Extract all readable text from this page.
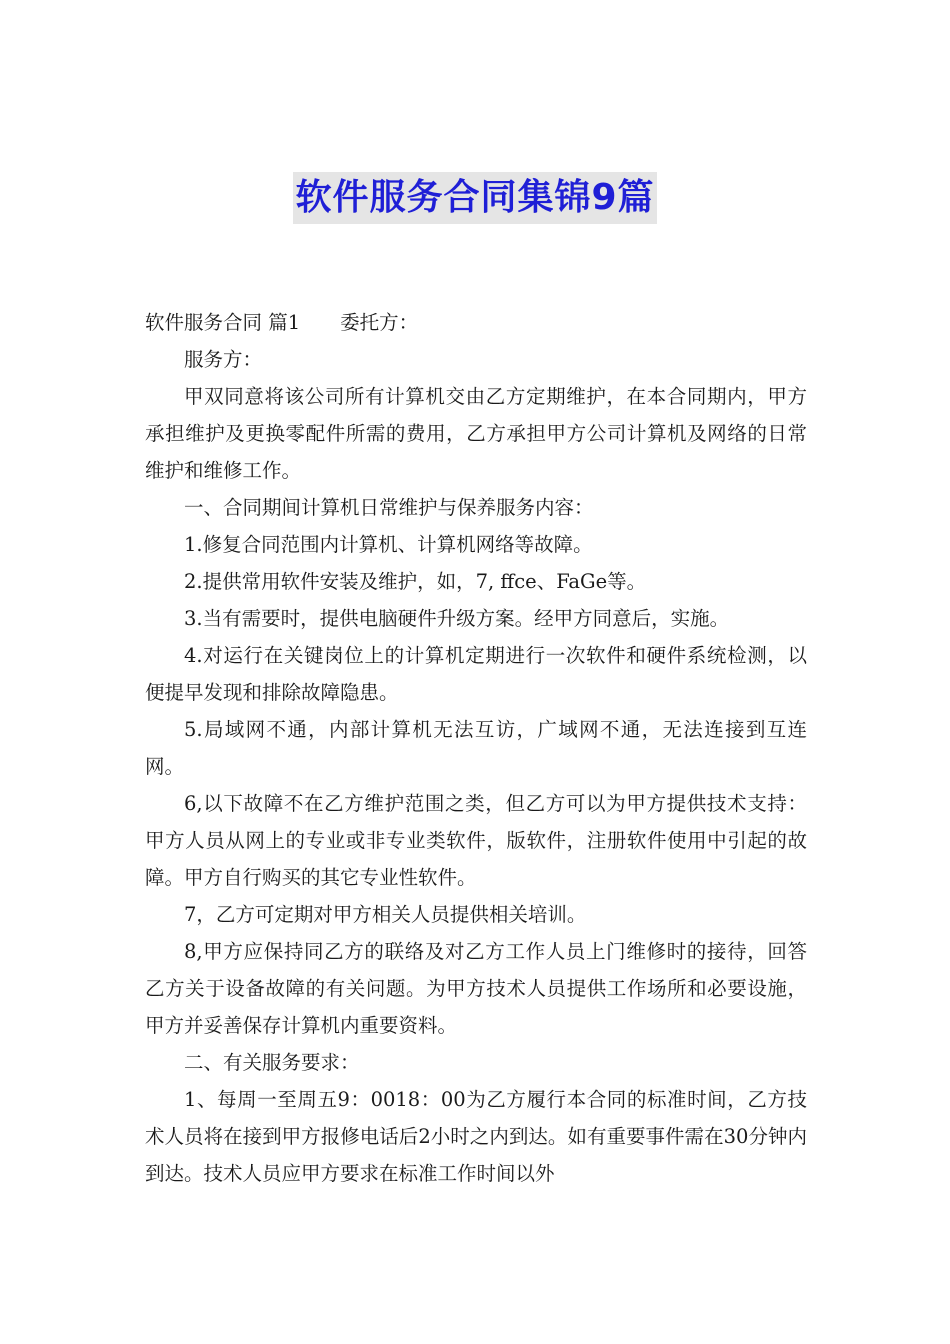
软件服务合同集锦9篇

软件服务合同 篇1 委托方：

服务方：

甲双同意将该公司所有计算机交由乙方定期维护，在本合同期内，甲方承担维护及更换零配件所需的费用，乙方承担甲方公司计算机及网络的日常维护和维修工作。

一、合同期间计算机日常维护与保养服务内容：

1.修复合同范围内计算机、计算机网络等故障。

2.提供常用软件安装及维护，如，7, ffce、FaGe等。

3.当有需要时，提供电脑硬件升级方案。经甲方同意后，实施。

4.对运行在关键岗位上的计算机定期进行一次软件和硬件系统检测，以便提早发现和排除故障隐患。

5.局域网不通，内部计算机无法互访，广域网不通，无法连接到互连网。

6,以下故障不在乙方维护范围之类，但乙方可以为甲方提供技术支持： 甲方人员从网上的专业或非专业类软件，版软件，注册软件使用中引起的故障。甲方自行购买的其它专业性软件。

7，乙方可定期对甲方相关人员提供相关培训。

8,甲方应保持同乙方的联络及对乙方工作人员上门维修时的接待，回答乙方关于设备故障的有关问题。为甲方技术人员提供工作场所和必要设施，甲方并妥善保存计算机内重要资料。

二、有关服务要求：

1、每周一至周五9：0018：00为乙方履行本合同的标准时间，乙方技术人员将在接到甲方报修电话后2小时之内到达。如有重要事件需在30分钟内到达。技术人员应甲方要求在标准工作时间以外
